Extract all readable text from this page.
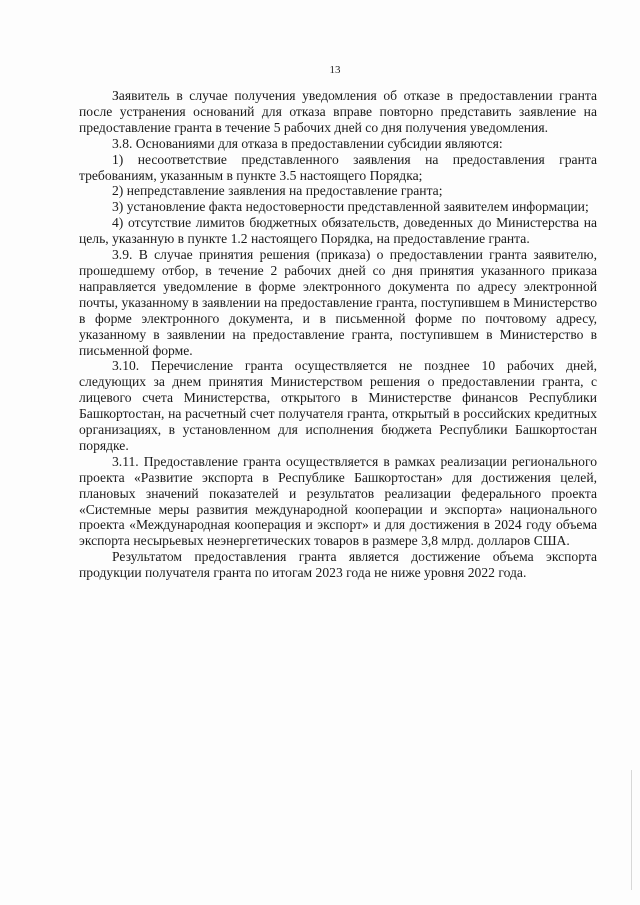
13

Заявитель в случае получения уведомления об отказе в предоставлении гранта после устранения оснований для отказа вправе повторно представить заявление на предоставление гранта в течение 5 рабочих дней со дня получения уведомления.

3.8. Основаниями для отказа в предоставлении субсидии являются:

1) несоответствие представленного заявления на предоставления гранта требованиям, указанным в пункте 3.5 настоящего Порядка;

2) непредставление заявления на предоставление гранта;

3) установление факта недостоверности представленной заявителем информации;

4) отсутствие лимитов бюджетных обязательств, доведенных до Министерства на цель, указанную в пункте 1.2 настоящего Порядка, на предоставление гранта.

3.9. В случае принятия решения (приказа) о предоставлении гранта заявителю, прошедшему отбор, в течение 2 рабочих дней со дня принятия указанного приказа направляется уведомление в форме электронного документа по адресу электронной почты, указанному в заявлении на предоставление гранта, поступившем в Министерство в форме электронного документа, и в письменной форме по почтовому адресу, указанному в заявлении на предоставление гранта, поступившем в Министерство в письменной форме.

3.10. Перечисление гранта осуществляется не позднее 10 рабочих дней, следующих за днем принятия Министерством решения о предоставлении гранта, с лицевого счета Министерства, открытого в Министерстве финансов Республики Башкортостан, на расчетный счет получателя гранта, открытый в российских кредитных организациях, в установленном для исполнения бюджета Республики Башкортостан порядке.

3.11. Предоставление гранта осуществляется в рамках реализации регионального проекта «Развитие экспорта в Республике Башкортостан» для достижения целей, плановых значений показателей и результатов реализации федерального проекта «Системные меры развития международной кооперации и экспорта» национального проекта «Международная кооперация и экспорт» и для достижения в 2024 году объема экспорта несырьевых неэнергетических товаров в размере 3,8 млрд. долларов США.

Результатом предоставления гранта является достижение объема экспорта продукции получателя гранта по итогам 2023 года не ниже уровня 2022 года.
